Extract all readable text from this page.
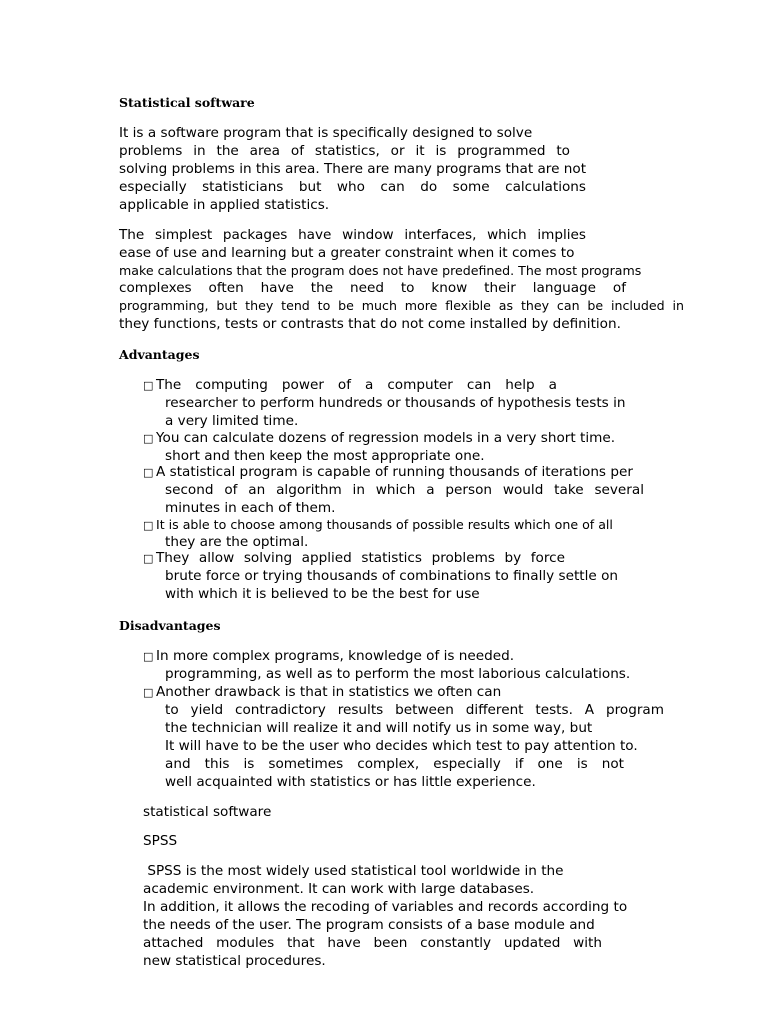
Statistical software
It is a software program that is specifically designed to solve
problems in the area of statistics, or it is programmed to
solving problems in this area. There are many programs that are not
especially statisticians but who can do some calculations
applicable in applied statistics.
The simplest packages have window interfaces, which implies
ease of use and learning but a greater constraint when it comes to
make calculations that the program does not have predefined. The most programs
complexes often have the need to know their language of
programming, but they tend to be much more flexible as they can be included in
they functions, tests or contrasts that do not come installed by definition.
Advantages
□ The computing power of a computer can help a
researcher to perform hundreds or thousands of hypothesis tests in
a very limited time.
□ You can calculate dozens of regression models in a very short time.
short and then keep the most appropriate one.
□ A statistical program is capable of running thousands of iterations per
second of an algorithm in which a person would take several
minutes in each of them.
□ It is able to choose among thousands of possible results which one of all
they are the optimal.
□ They allow solving applied statistics problems by force
brute force or trying thousands of combinations to finally settle on
with which it is believed to be the best for use
Disadvantages
□ In more complex programs, knowledge of is needed.
programming, as well as to perform the most laborious calculations.
□ Another drawback is that in statistics we often can
to yield contradictory results between different tests. A program
the technician will realize it and will notify us in some way, but
It will have to be the user who decides which test to pay attention to.
and this is sometimes complex, especially if one is not
well acquainted with statistics or has little experience.
statistical software
SPSS
SPSS is the most widely used statistical tool worldwide in the
academic environment. It can work with large databases.
In addition, it allows the recoding of variables and records according to
the needs of the user. The program consists of a base module and
attached modules that have been constantly updated with
new statistical procedures.
